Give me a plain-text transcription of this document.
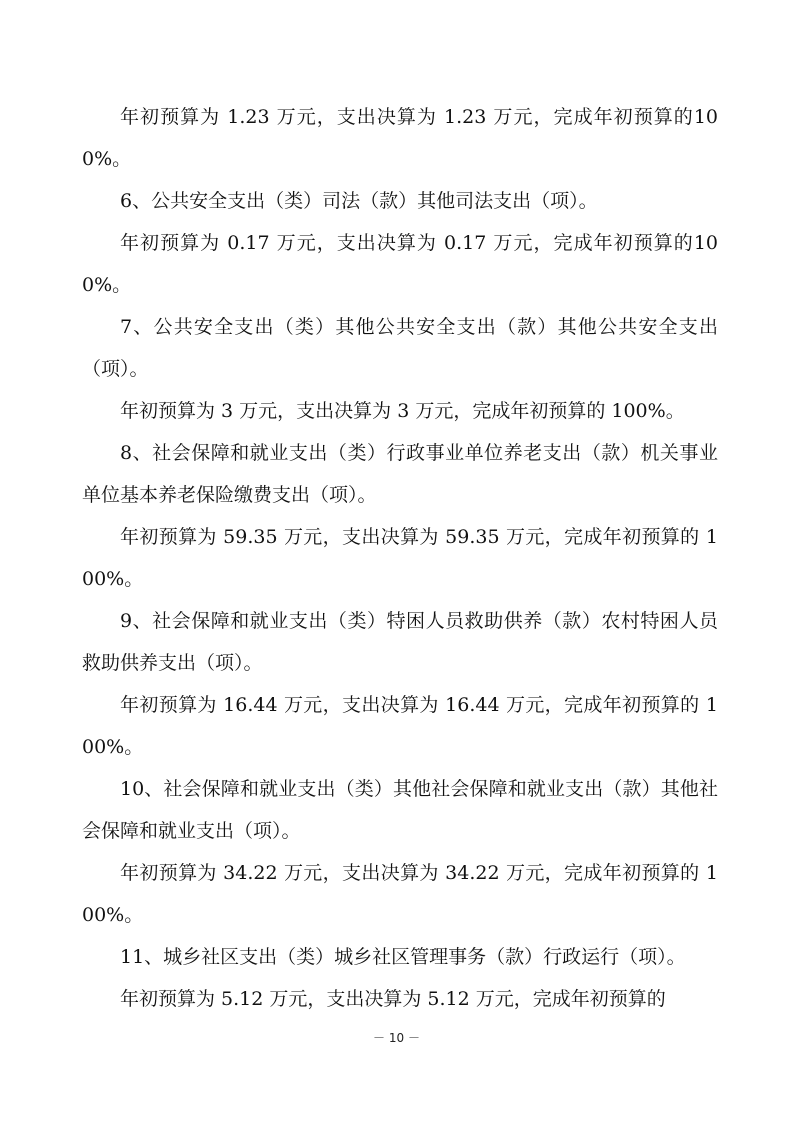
年初预算为 1.23 万元，支出决算为 1.23 万元，完成年初预算的100%。

6、公共安全支出（类）司法（款）其他司法支出（项）。

年初预算为 0.17 万元，支出决算为 0.17 万元，完成年初预算的100%。

7、公共安全支出（类）其他公共安全支出（款）其他公共安全支出（项）。

年初预算为 3 万元，支出决算为 3 万元，完成年初预算的 100%。

8、社会保障和就业支出（类）行政事业单位养老支出（款）机关事业单位基本养老保险缴费支出（项）。

年初预算为 59.35 万元，支出决算为 59.35 万元，完成年初预算的 100%。

9、社会保障和就业支出（类）特困人员救助供养（款）农村特困人员救助供养支出（项）。

年初预算为 16.44 万元，支出决算为 16.44 万元，完成年初预算的 100%。

10、社会保障和就业支出（类）其他社会保障和就业支出（款）其他社会保障和就业支出（项）。

年初预算为 34.22 万元，支出决算为 34.22 万元，完成年初预算的 100%。

11、城乡社区支出（类）城乡社区管理事务（款）行政运行（项）。

年初预算为 5.12 万元，支出决算为 5.12 万元，完成年初预算的

－ 10 －
